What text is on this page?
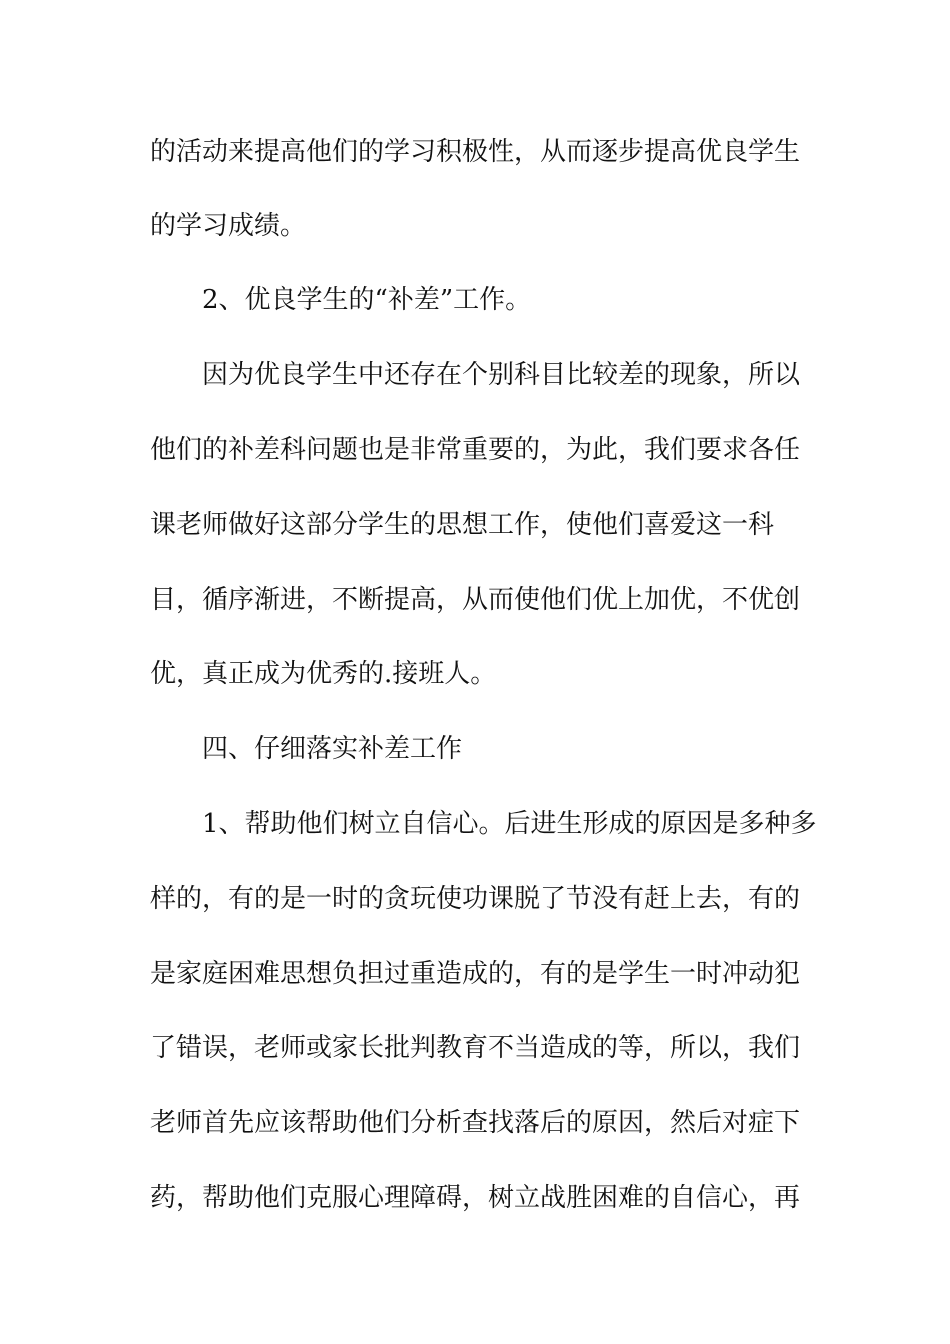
的活动来提高他们的学习积极性，从而逐步提高优良学生
的学习成绩。
2、优良学生的“补差”工作。
因为优良学生中还存在个别科目比较差的现象，所以
他们的补差科问题也是非常重要的，为此，我们要求各任
课老师做好这部分学生的思想工作，使他们喜爱这一科
目，循序渐进，不断提高，从而使他们优上加优，不优创
优，真正成为优秀的.接班人。
四、仔细落实补差工作
1、帮助他们树立自信心。后进生形成的原因是多种多
样的，有的是一时的贪玩使功课脱了节没有赶上去，有的
是家庭困难思想负担过重造成的，有的是学生一时冲动犯
了错误，老师或家长批判教育不当造成的等，所以，我们
老师首先应该帮助他们分析查找落后的原因，然后对症下
药，帮助他们克服心理障碍，树立战胜困难的自信心，再
